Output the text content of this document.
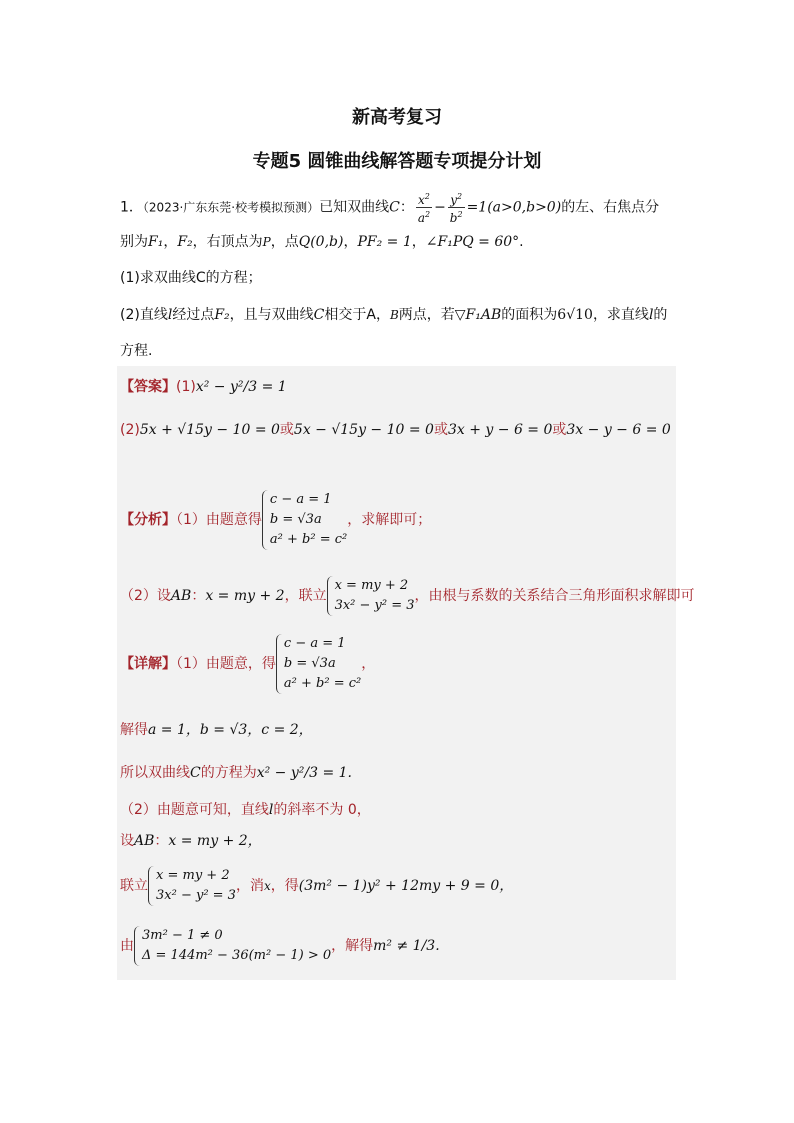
新高考复习
专题5 圆锥曲线解答题专项提分计划
1．（2023·广东东莞·校考模拟预测）已知双曲线C： $\frac{x^2}{a^2} - \frac{y^2}{b^2} =1(a>0,b>0)$的左、右焦点分
别为F₁，F₂，右顶点为P，点Q(0,b)，PF₂ = 1，∠F₁PQ = 60°.
(1)求双曲线C的方程；
(2)直线l经过点F₂，且与双曲线C相交于A，B两点，若▽F₁AB的面积为6√10，求直线l的
方程.
【答案】(1)x² − y²/3 = 1
(2)5x + √15y − 10 = 0或5x − √15y − 10 = 0或3x + y − 6 = 0或3x − y − 6 = 0
【分析】（1）由题意得
c − a = 1
b = √3a
a² + b² = c²
，求解即可；
（2）设AB：x = my + 2，联立
x = my + 2
3x² − y² = 3
，由根与系数的关系结合三角形面积求解即可
【详解】（1）由题意，得
c − a = 1
b = √3a
a² + b² = c²
，
解得a = 1，b = √3，c = 2，
所以双曲线C的方程为x² − y²/3 = 1.
（2）由题意可知，直线l的斜率不为 0，
设AB：x = my + 2，
联立
x = my + 2
3x² − y² = 3
，消x，得(3m² − 1)y² + 12my + 9 = 0，
由
3m² − 1 ≠ 0
Δ = 144m² − 36(m² − 1) > 0
，解得m² ≠ 1/3.
